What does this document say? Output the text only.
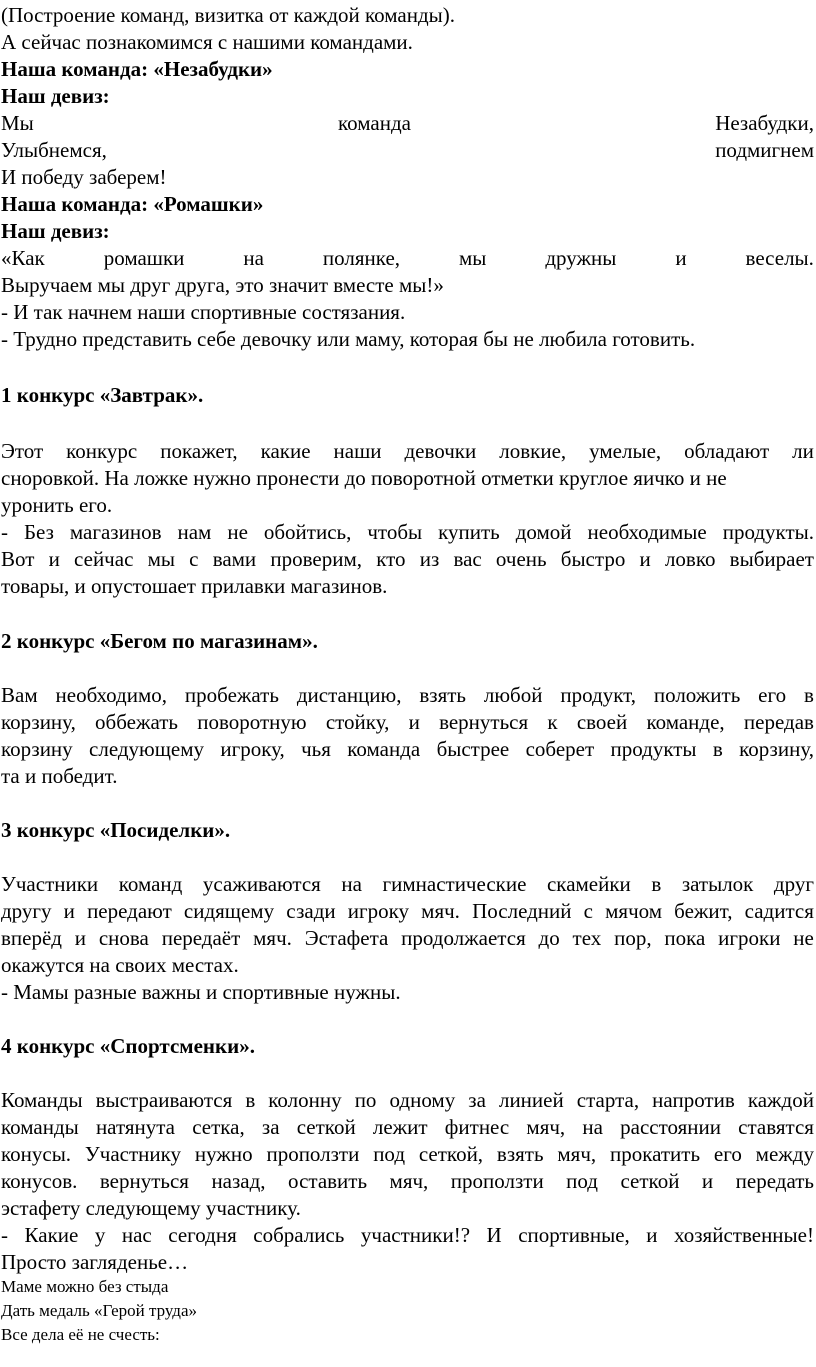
(Построение команд, визитка от каждой команды).
А сейчас познакомимся с нашими командами.
Наша команда: «Незабудки»
Наш девиз:
Мы	команда	Незабудки,
Улыбнемся,	подмигнем
И победу заберем!
Наша команда: «Ромашки»
Наш девиз:
«Как	ромашки	на	полянке,	мы	дружны	и	веселы.
Выручаем мы друг друга, это значит вместе мы!»
- И так начнем наши спортивные состязания.
- Трудно представить себе девочку или маму, которая бы не любила готовить.
1 конкурс «Завтрак».
Этот конкурс покажет, какие наши девочки ловкие, умелые, обладают ли
сноровкой. На ложке нужно пронести до поворотной отметки круглое яичко и не
уронить его.
- Без магазинов нам не обойтись, чтобы купить домой необходимые продукты.
Вот и сейчас мы с вами проверим, кто из вас очень быстро и ловко выбирает
товары, и опустошает прилавки магазинов.
2 конкурс «Бегом по магазинам».
Вам необходимо, пробежать дистанцию, взять любой продукт, положить его в
корзину, оббежать поворотную стойку, и вернуться к своей команде, передав
корзину следующему игроку, чья команда быстрее соберет продукты в корзину,
та и победит.
3 конкурс «Посиделки».
Участники команд усаживаются на гимнастические скамейки в затылок друг
другу и передают сидящему сзади игроку мяч. Последний с мячом бежит, садится
вперёд и снова передаёт мяч. Эстафета продолжается до тех пор, пока игроки не
окажутся на своих местах.
- Мамы разные важны и спортивные нужны.
4 конкурс «Спортсменки».
Команды выстраиваются в колонну по одному за линией старта, напротив каждой
команды натянута сетка, за сеткой лежит фитнес мяч, на расстоянии ставятся
конусы. Участнику нужно проползти под сеткой, взять мяч, прокатить его между
конусов. вернуться назад, оставить мяч, проползти под сеткой и передать
эстафету следующему участнику.
- Какие у нас сегодня собрались участники!? И спортивные, и хозяйственные!
Просто загляденье…
Маме можно без стыда
Дать медаль «Герой труда»
Все дела её не счесть:
